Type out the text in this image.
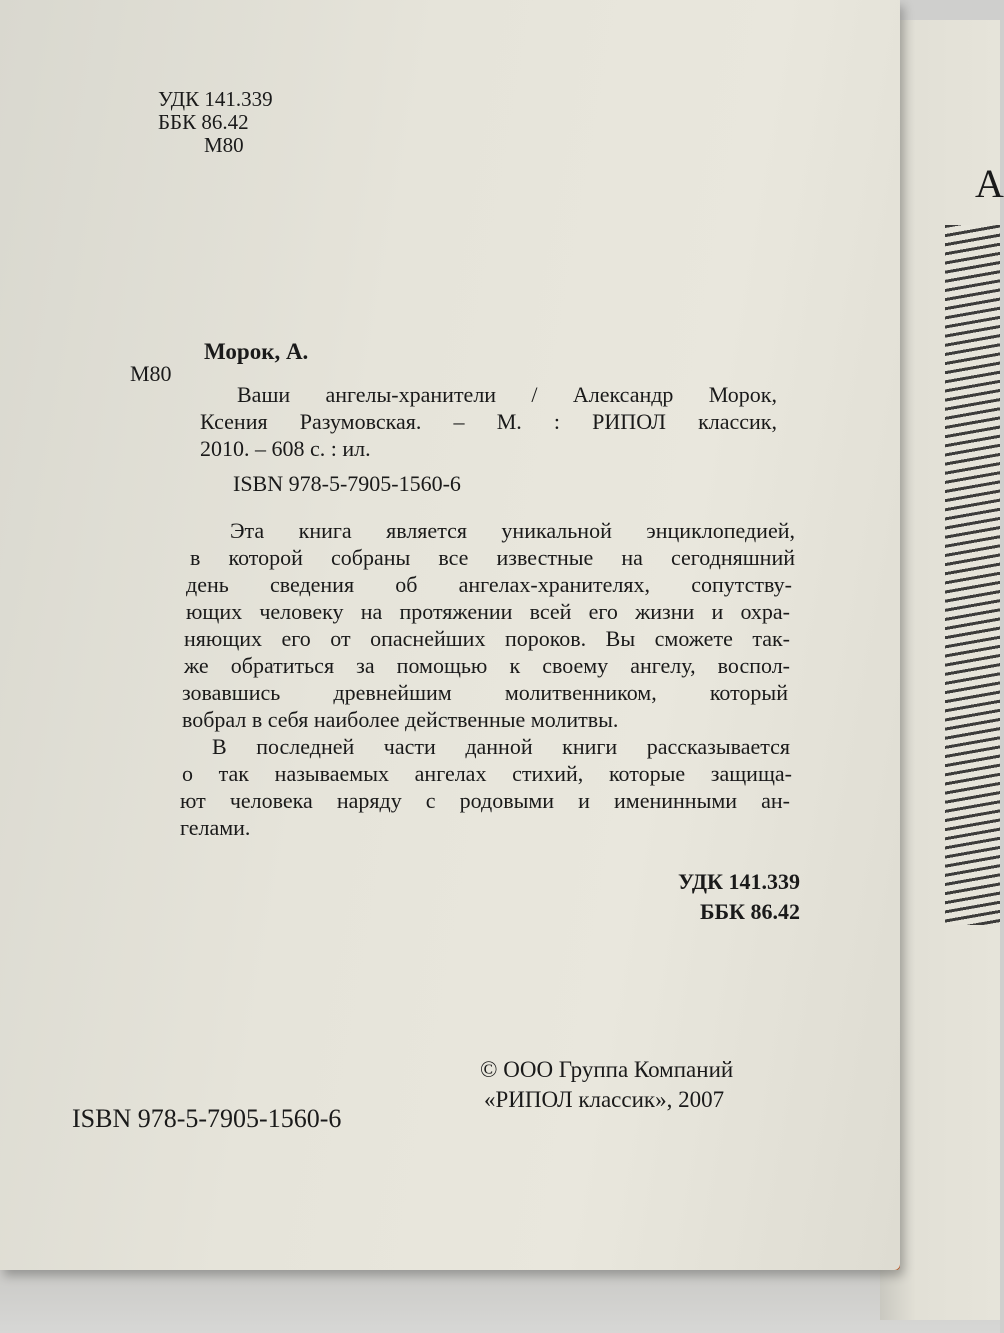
А
УДК 141.339
ББК 86.42
М80
Морок, А.
М80
Ваши ангелы-хранители / Александр Морок,
Ксения Разумовская. – М. : РИПОЛ классик,
2010. – 608 с. : ил.
ISBN 978-5-7905-1560-6
Эта книга является уникальной энциклопедией,
в которой собраны все известные на сегодняшний
день сведения об ангелах-хранителях, сопутству-
ющих человеку на протяжении всей его жизни и охра-
няющих его от опаснейших пороков. Вы сможете так-
же обратиться за помощью к своему ангелу, воспол-
зовавшись древнейшим молитвенником, который
вобрал в себя наиболее действенные молитвы.
В последней части данной книги рассказывается
о так называемых ангелах стихий, которые защища-
ют человека наряду с родовыми и именинными ан-
гелами.
УДК 141.339
ББК 86.42
© ООО Группа Компаний
«РИПОЛ классик», 2007
ISBN 978-5-7905-1560-6
